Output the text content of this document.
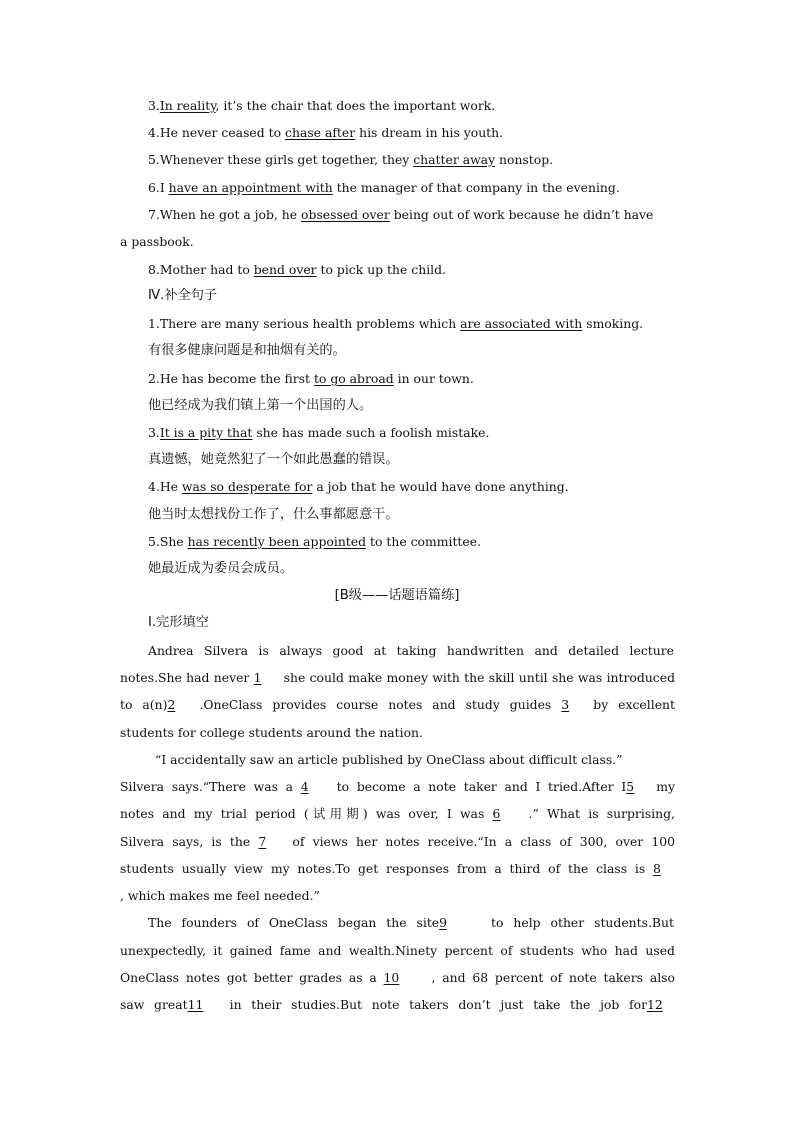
3.In reality, it’s the chair that does the important work.
4.He never ceased to chase after his dream in his youth.
5.Whenever these girls get together, they chatter away nonstop.
6.I have an appointment with the manager of that company in the evening.
7.When he got a job, he obsessed over being out of work because he didn’t have
a passbook.
8.Mother had to bend over to pick up the child.
Ⅳ.补全句子
1.There are many serious health problems which are associated with smoking.
有很多健康问题是和抽烟有关的。
2.He has become the first to go abroad in our town.
他已经成为我们镇上第一个出国的人。
3.It is a pity that she has made such a foolish mistake.
真遗憾，她竟然犯了一个如此愚蠢的错误。
4.He was so desperate for a job that he would have done anything.
他当时太想找份工作了，什么事都愿意干。
5.She has recently been appointed to the committee.
她最近成为委员会成员。
[B级——话题语篇练]
Ⅰ.完形填空
Andrea Silvera is always good at taking handwritten and detailed lecture
notes.She had never 1 she could make money with the skill until she was introduced
to a(n)2 .OneClass provides course notes and study guides 3 by excellent
students for college students around the nation.
“I accidentally saw an article published by OneClass about difficult class.”
Silvera says.“There was a 4 to become a note taker and I tried.After I5 my
notes and my trial period (试用期) was over, I was 6 .” What is surprising,
Silvera says, is the 7 of views her notes receive.“In a class of 300, over 100
students usually view my notes.To get responses from a third of the class is 8
, which makes me feel needed.”
The founders of OneClass began the site9	to help other students.But
unexpectedly, it gained fame and wealth.Ninety percent of students who had used
OneClass notes got better grades as a 10	, and 68 percent of note takers also
saw great11 in their studies.But note takers don’t just take the job for12
